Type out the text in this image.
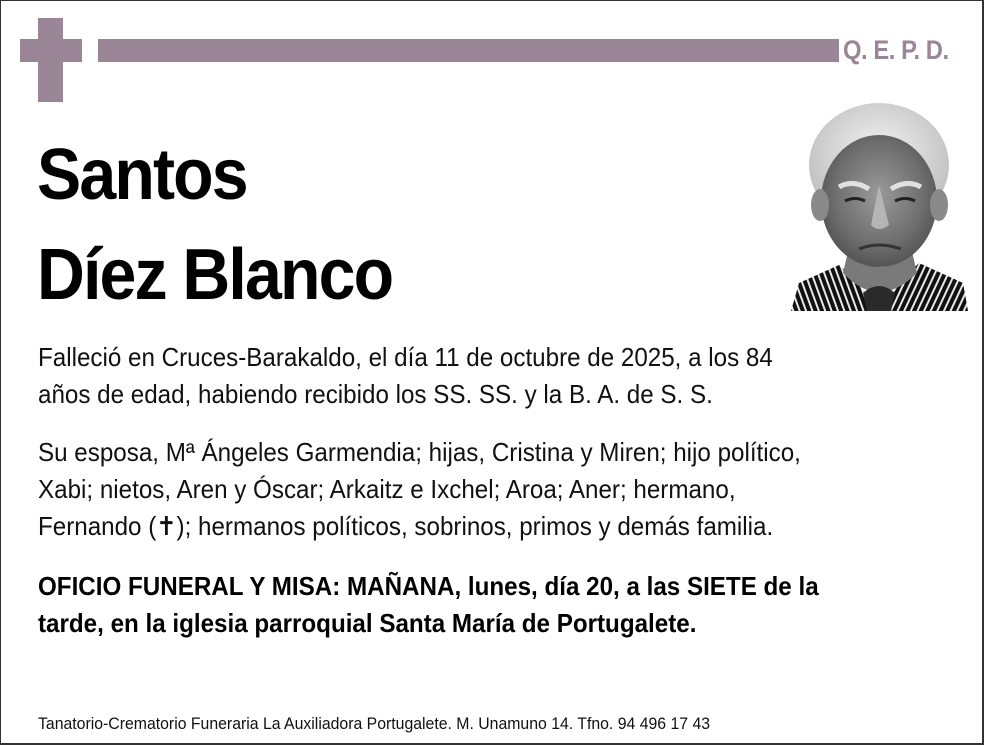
Q. E. P. D.
Santos
Díez Blanco
Falleció en Cruces-Barakaldo, el día 11 de octubre de 2025, a los 84
años de edad, habiendo recibido los SS. SS. y la B. A. de S. S.
Su esposa, Mª Ángeles Garmendia; hijas, Cristina y Miren; hijo político,
Xabi; nietos, Aren y Óscar; Arkaitz e Ixchel; Aroa; Aner; hermano,
Fernando (✝); hermanos políticos, sobrinos, primos y demás familia.
OFICIO FUNERAL Y MISA: MAÑANA, lunes, día 20, a las SIETE de la
tarde, en la iglesia parroquial Santa María de Portugalete.
Tanatorio-Crematorio Funeraria La Auxiliadora Portugalete. M. Unamuno 14. Tfno. 94 496 17 43
